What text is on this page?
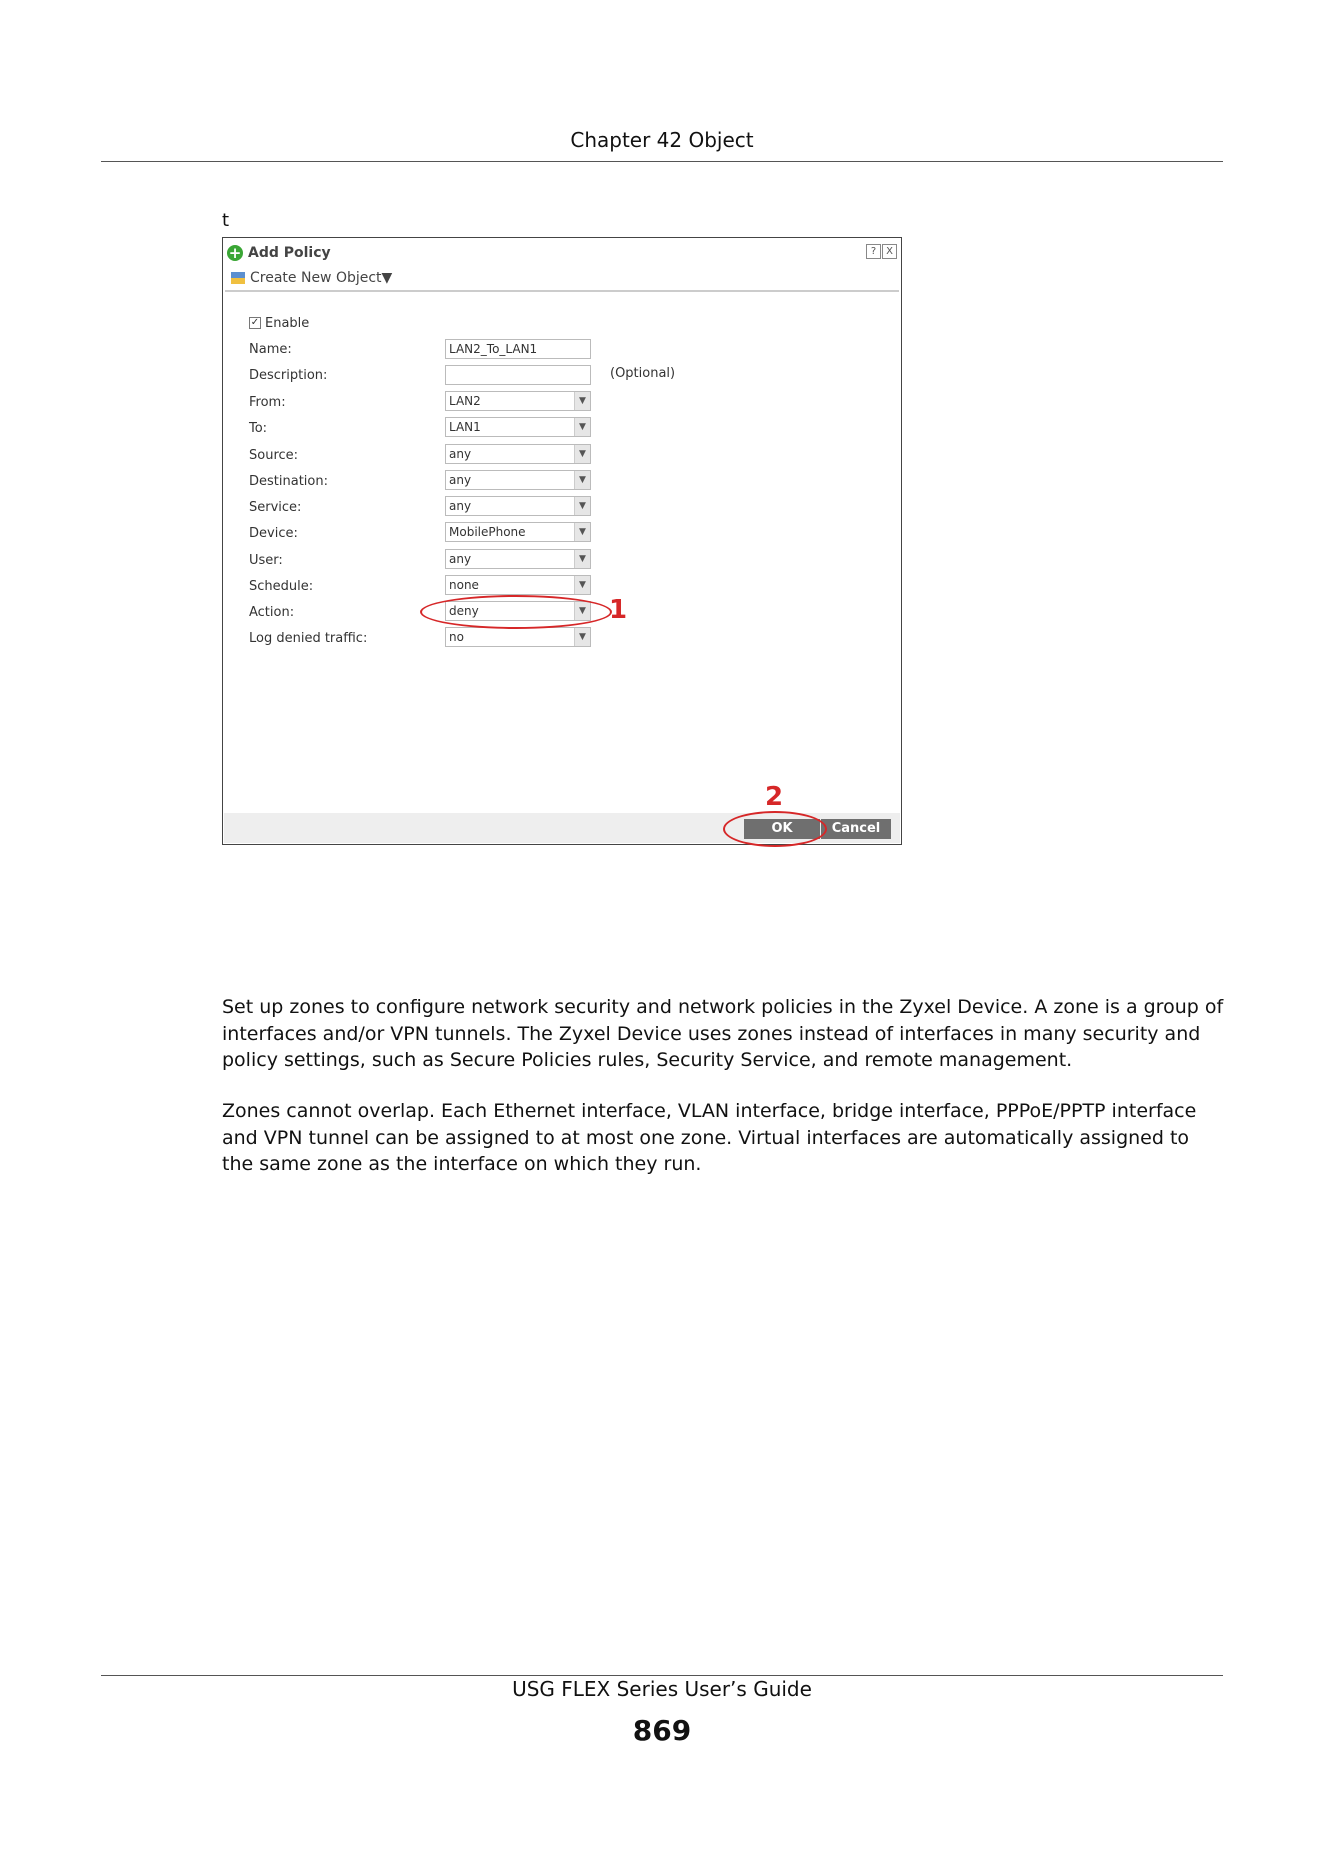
Chapter 42 Object
t
+ Add Policy	? X
Create New Object▼
✓ Enable
Name:	LAN2_To_LAN1
Description:	(Optional)
From:	LAN2	▼
To:	LAN1	▼
Source:	any	▼
Destination:	any	▼
Service:	any	▼
Device:	MobilePhone	▼
User:	any	▼
Schedule:	none	▼
Action:	deny	▼
Log denied traffic:	no	▼
1
OK	Cancel
2

Set up zones to configure network security and network policies in the Zyxel Device. A zone is a group of interfaces and/or VPN tunnels. The Zyxel Device uses zones instead of interfaces in many security and policy settings, such as Secure Policies rules, Security Service, and remote management.

Zones cannot overlap. Each Ethernet interface, VLAN interface, bridge interface, PPPoE/PPTP interface and VPN tunnel can be assigned to at most one zone. Virtual interfaces are automatically assigned to the same zone as the interface on which they run.

USG FLEX Series User’s Guide
869
